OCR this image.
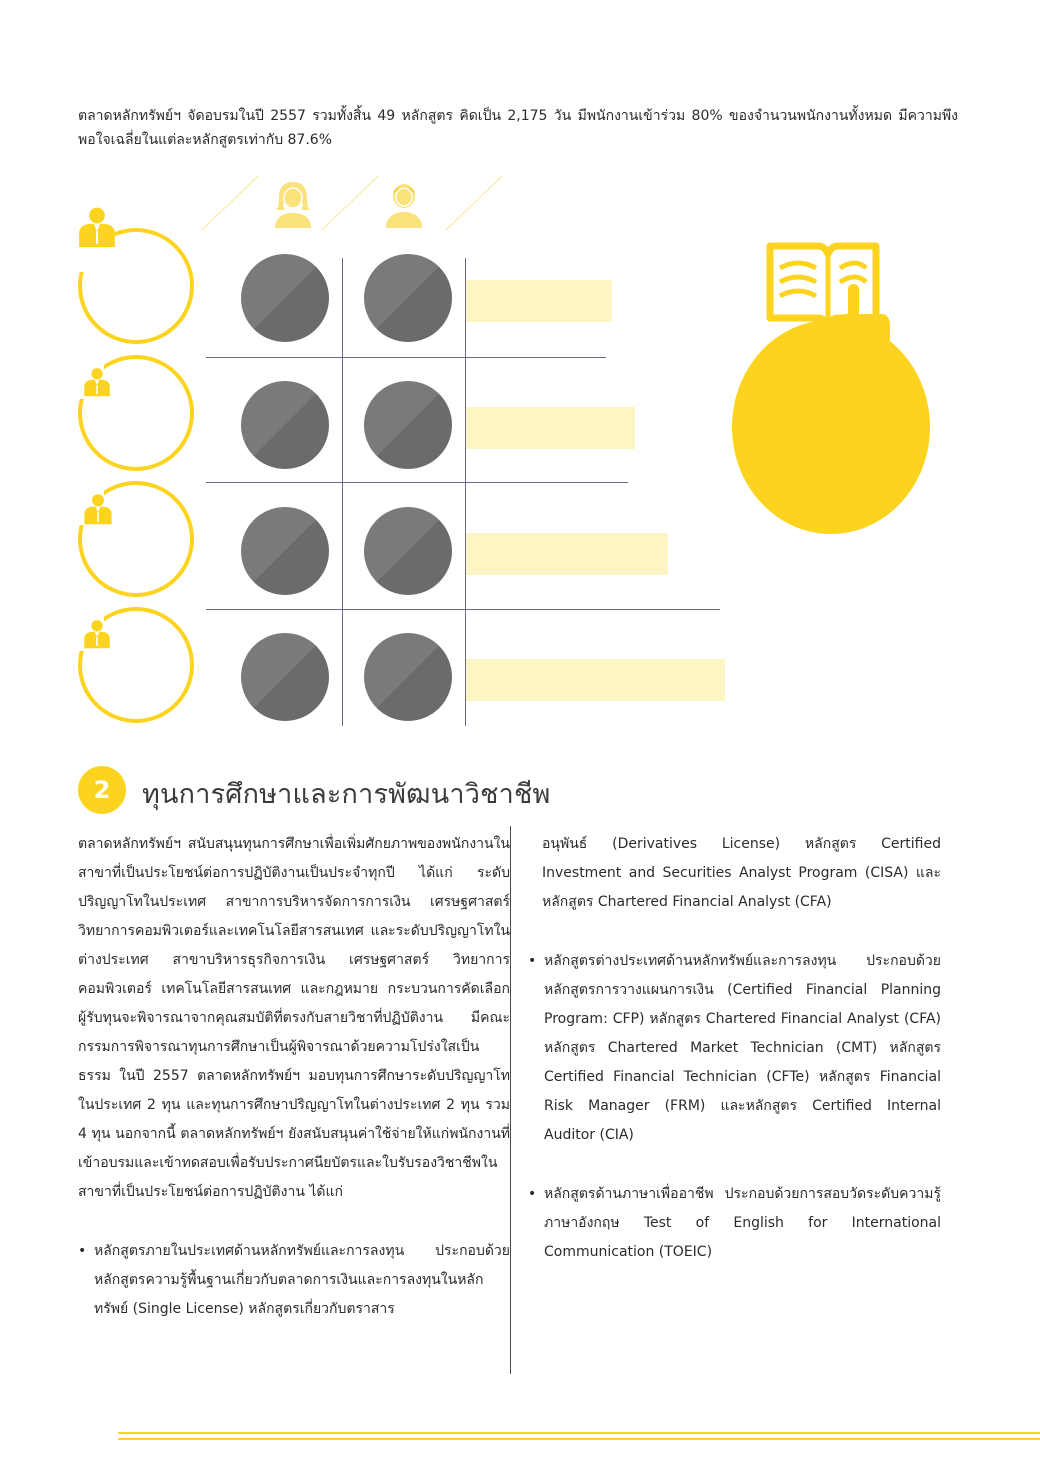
ตลาดหลักทรัพย์ฯ จัดอบรมในปี 2557 รวมทั้งสิ้น 49 หลักสูตร คิดเป็น 2,175 วัน มีพนักงานเข้าร่วม 80% ของจำนวนพนักงานทั้งหมด มีความพึงพอใจเฉลี่ยในแต่ละหลักสูตรเท่ากับ 87.6%

2	ทุนการศึกษาและการพัฒนาวิชาชีพ

ตลาดหลักทรัพย์ฯ สนับสนุนทุนการศึกษาเพื่อเพิ่มศักยภาพของพนักงานในสาขาที่เป็นประโยชน์ต่อการปฏิบัติงานเป็นประจำทุกปี ได้แก่ ระดับปริญญาโทในประเทศ สาขาการบริหารจัดการการเงิน เศรษฐศาสตร์ วิทยาการคอมพิวเตอร์และเทคโนโลยีสารสนเทศ และระดับปริญญาโทในต่างประเทศ สาขาบริหารธุรกิจการเงิน เศรษฐศาสตร์ วิทยาการคอมพิวเตอร์ เทคโนโลยีสารสนเทศ และกฎหมาย กระบวนการคัดเลือกผู้รับทุนจะพิจารณาจากคุณสมบัติที่ตรงกับสายวิชาที่ปฏิบัติงาน มีคณะกรรมการพิจารณาทุนการศึกษาเป็นผู้พิจารณาด้วยความโปร่งใสเป็นธรรม ในปี 2557 ตลาดหลักทรัพย์ฯ มอบทุนการศึกษาระดับปริญญาโทในประเทศ 2 ทุน และทุนการศึกษาปริญญาโทในต่างประเทศ 2 ทุน รวม 4 ทุน นอกจากนี้ ตลาดหลักทรัพย์ฯ ยังสนับสนุนค่าใช้จ่ายให้แก่พนักงานที่เข้าอบรมและเข้าทดสอบเพื่อรับประกาศนียบัตรและใบรับรองวิชาชีพในสาขาที่เป็นประโยชน์ต่อการปฏิบัติงาน ได้แก่

• หลักสูตรภายในประเทศด้านหลักทรัพย์และการลงทุน ประกอบด้วยหลักสูตรความรู้พื้นฐานเกี่ยวกับตลาดการเงินและการลงทุนในหลักทรัพย์ (Single License) หลักสูตรเกี่ยวกับตราสาร

อนุพันธ์ (Derivatives License) หลักสูตร Certified Investment and Securities Analyst Program (CISA) และหลักสูตร Chartered Financial Analyst (CFA)

• หลักสูตรต่างประเทศด้านหลักทรัพย์และการลงทุน ประกอบด้วยหลักสูตรการวางแผนการเงิน (Certified Financial Planning Program: CFP) หลักสูตร Chartered Financial Analyst (CFA) หลักสูตร Chartered Market Technician (CMT) หลักสูตร Certified Financial Technician (CFTe) หลักสูตร Financial Risk Manager (FRM) และหลักสูตร Certified Internal Auditor (CIA)

• หลักสูตรด้านภาษาเพื่ออาชีพ ประกอบด้วยการสอบวัดระดับความรู้ภาษาอังกฤษ Test of English for International Communication (TOEIC)
